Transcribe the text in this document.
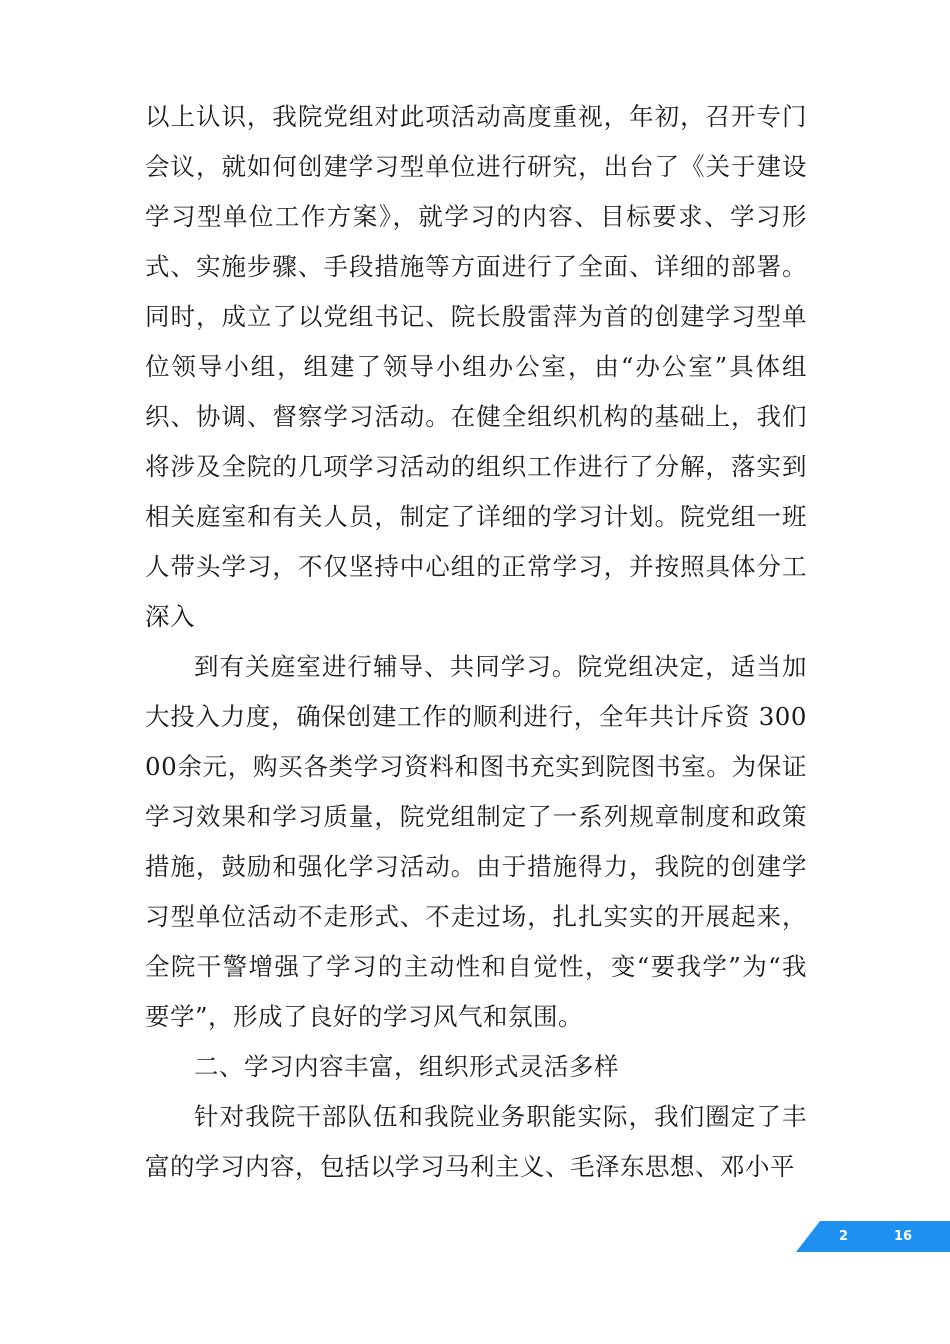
以上认识，我院党组对此项活动高度重视，年初，召开专门会议，就如何创建学习型单位进行研究，出台了《关于建设学习型单位工作方案》，就学习的内容、目标要求、学习形式、实施步骤、手段措施等方面进行了全面、详细的部署。同时，成立了以党组书记、院长殷雷萍为首的创建学习型单位领导小组，组建了领导小组办公室，由“办公室”具体组织、协调、督察学习活动。在健全组织机构的基础上，我们将涉及全院的几项学习活动的组织工作进行了分解，落实到相关庭室和有关人员，制定了详细的学习计划。院党组一班人带头学习，不仅坚持中心组的正常学习，并按照具体分工深入

到有关庭室进行辅导、共同学习。院党组决定，适当加大投入力度，确保创建工作的顺利进行，全年共计斥资 30000余元，购买各类学习资料和图书充实到院图书室。为保证学习效果和学习质量，院党组制定了一系列规章制度和政策措施，鼓励和强化学习活动。由于措施得力，我院的创建学习型单位活动不走形式、不走过场，扎扎实实的开展起来，全院干警增强了学习的主动性和自觉性，变“要我学”为“我要学”，形成了良好的学习风气和氛围。

二、学习内容丰富，组织形式灵活多样

针对我院干部队伍和我院业务职能实际，我们圈定了丰富的学习内容，包括以学习马利主义、毛泽东思想、邓小平

2	16
